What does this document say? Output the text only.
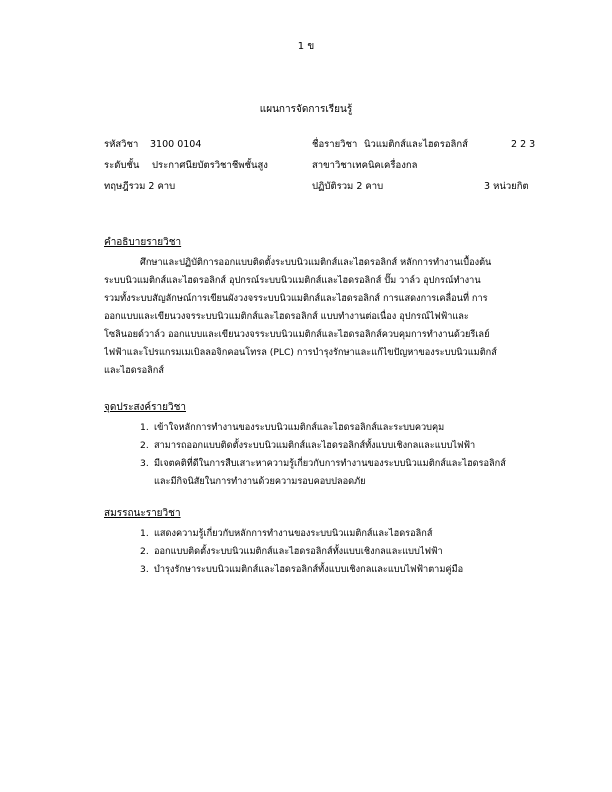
1 ข
แผนการจัดการเรียนรู้
รหัสวิชา 3100 0104	ชื่อรายวิชา นิวแมติกส์และไฮดรอลิกส์	2 2 3
ระดับชั้น ประกาศนียบัตรวิชาชีพชั้นสูง	สาขาวิชาเทคนิคเครื่องกล
ทฤษฎีรวม 2 คาบ	ปฏิบัติรวม 2 คาบ	3 หน่วยกิต
คำอธิบายรายวิชา
ศึกษาและปฏิบัติการออกแบบติดตั้งระบบนิวแมติกส์และไฮดรอลิกส์ หลักการทำงานเบื้องต้น
ระบบนิวแมติกส์และไฮดรอลิกส์ อุปกรณ์ระบบนิวแมติกส์และไฮดรอลิกส์ ปั๊ม วาล์ว อุปกรณ์ทำงาน
รวมทั้งระบบสัญลักษณ์การเขียนผังวงจรระบบนิวแมติกส์และไฮดรอลิกส์ การแสดงการเคลื่อนที่ การ
ออกแบบและเขียนวงจรระบบนิวแมติกส์และไฮดรอลิกส์ แบบทำงานต่อเนื่อง อุปกรณ์ไฟฟ้าและ
โซลินอยด์วาล์ว ออกแบบและเขียนวงจรระบบนิวแมติกส์และไฮดรอลิกส์ควบคุมการทำงานด้วยรีเลย์
ไฟฟ้าและโปรแกรมเมเบิลลอจิกคอนโทรล (PLC) การบำรุงรักษาและแก้ไขปัญหาของระบบนิวแมติกส์
และไฮดรอลิกส์
จุดประสงค์รายวิชา
1. เข้าใจหลักการทำงานของระบบนิวแมติกส์และไฮดรอลิกส์และระบบควบคุม
2. สามารถออกแบบติดตั้งระบบนิวแมติกส์และไฮดรอลิกส์ทั้งแบบเชิงกลและแบบไฟฟ้า
3. มีเจตคติที่ดีในการสืบเสาะหาความรู้เกี่ยวกับการทำงานของระบบนิวแมติกส์และไฮดรอลิกส์
และมีกิจนิสัยในการทำงานด้วยความรอบคอบปลอดภัย
สมรรถนะรายวิชา
1. แสดงความรู้เกี่ยวกับหลักการทำงานของระบบนิวแมติกส์และไฮดรอลิกส์
2. ออกแบบติดตั้งระบบนิวแมติกส์และไฮดรอลิกส์ทั้งแบบเชิงกลและแบบไฟฟ้า
3. บำรุงรักษาระบบนิวแมติกส์และไฮดรอลิกส์ทั้งแบบเชิงกลและแบบไฟฟ้าตามคู่มือ
